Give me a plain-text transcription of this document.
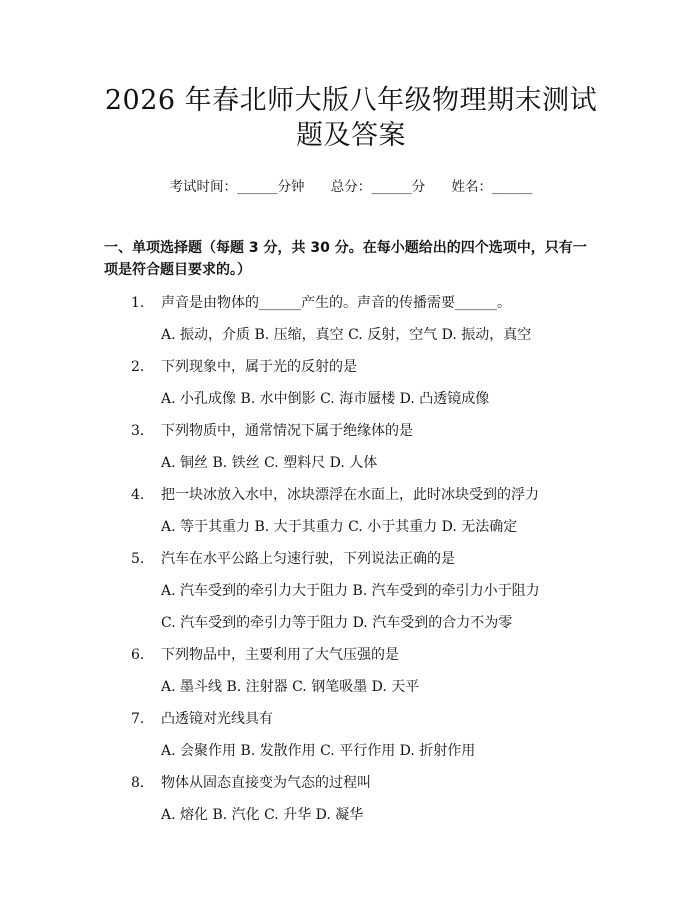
2026 年春北师大版八年级物理期末测试题及答案
考试时间：______分钟 总分：______分 姓名：______
一、单项选择题（每题 3 分，共 30 分。在每小题给出的四个选项中，只有一项是符合题目要求的。）
1.	声音是由物体的______产生的。声音的传播需要______。
A. 振动，介质 B. 压缩，真空 C. 反射，空气 D. 振动，真空
2.	下列现象中，属于光的反射的是
A. 小孔成像 B. 水中倒影 C. 海市蜃楼 D. 凸透镜成像
3.	下列物质中，通常情况下属于绝缘体的是
A. 铜丝 B. 铁丝 C. 塑料尺 D. 人体
4.	把一块冰放入水中，冰块漂浮在水面上，此时冰块受到的浮力
A. 等于其重力 B. 大于其重力 C. 小于其重力 D. 无法确定
5.	汽车在水平公路上匀速行驶，下列说法正确的是
A. 汽车受到的牵引力大于阻力 B. 汽车受到的牵引力小于阻力
C. 汽车受到的牵引力等于阻力 D. 汽车受到的合力不为零
6.	下列物品中，主要利用了大气压强的是
A. 墨斗线 B. 注射器 C. 钢笔吸墨 D. 天平
7.	凸透镜对光线具有
A. 会聚作用 B. 发散作用 C. 平行作用 D. 折射作用
8.	物体从固态直接变为气态的过程叫
A. 熔化 B. 汽化 C. 升华 D. 凝华
